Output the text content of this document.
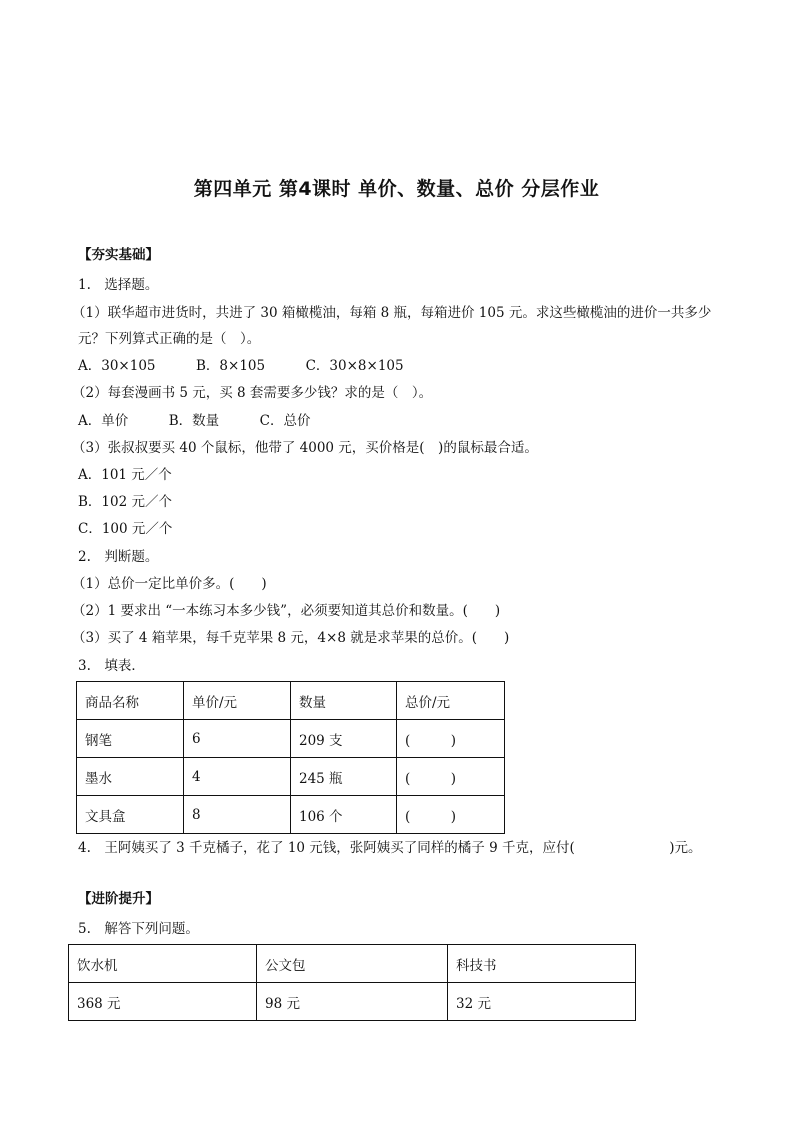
第四单元 第4课时 单价、数量、总价 分层作业
【夯实基础】
1.　选择题。
（1）联华超市进货时，共进了 30 箱橄榄油，每箱 8 瓶，每箱进价 105 元。求这些橄榄油的进价一共多少
元？下列算式正确的是（　）。
A．30×105　　　B．8×105　　　C．30×8×105
（2）每套漫画书 5 元，买 8 套需要多少钱？求的是（　）。
A．单价　　　B．数量　　　C．总价
（3）张叔叔要买 40 个鼠标，他带了 4000 元，买价格是(　)的鼠标最合适。
A．101 元／个
B．102 元／个
C．100 元／个
2.　判断题。
（1）总价一定比单价多。(　　)
（2）1 要求出 “一本练习本多少钱”，必须要知道其总价和数量。(　　)
（3）买了 4 箱苹果，每千克苹果 8 元，4×8 就是求苹果的总价。(　　)
3.　填表．
商品名称	单价/元	数量	总价/元
钢笔	6	209 支	(　　　)
墨水	4	245 瓶	(　　　)
文具盒	8	106 个	(　　　)
4.　王阿姨买了 3 千克橘子，花了 10 元钱，张阿姨买了同样的橘子 9 千克，应付(　　　　　　　)元。
【进阶提升】
5.　解答下列问题。
饮水机	公文包	科技书
368 元	98 元	32 元
